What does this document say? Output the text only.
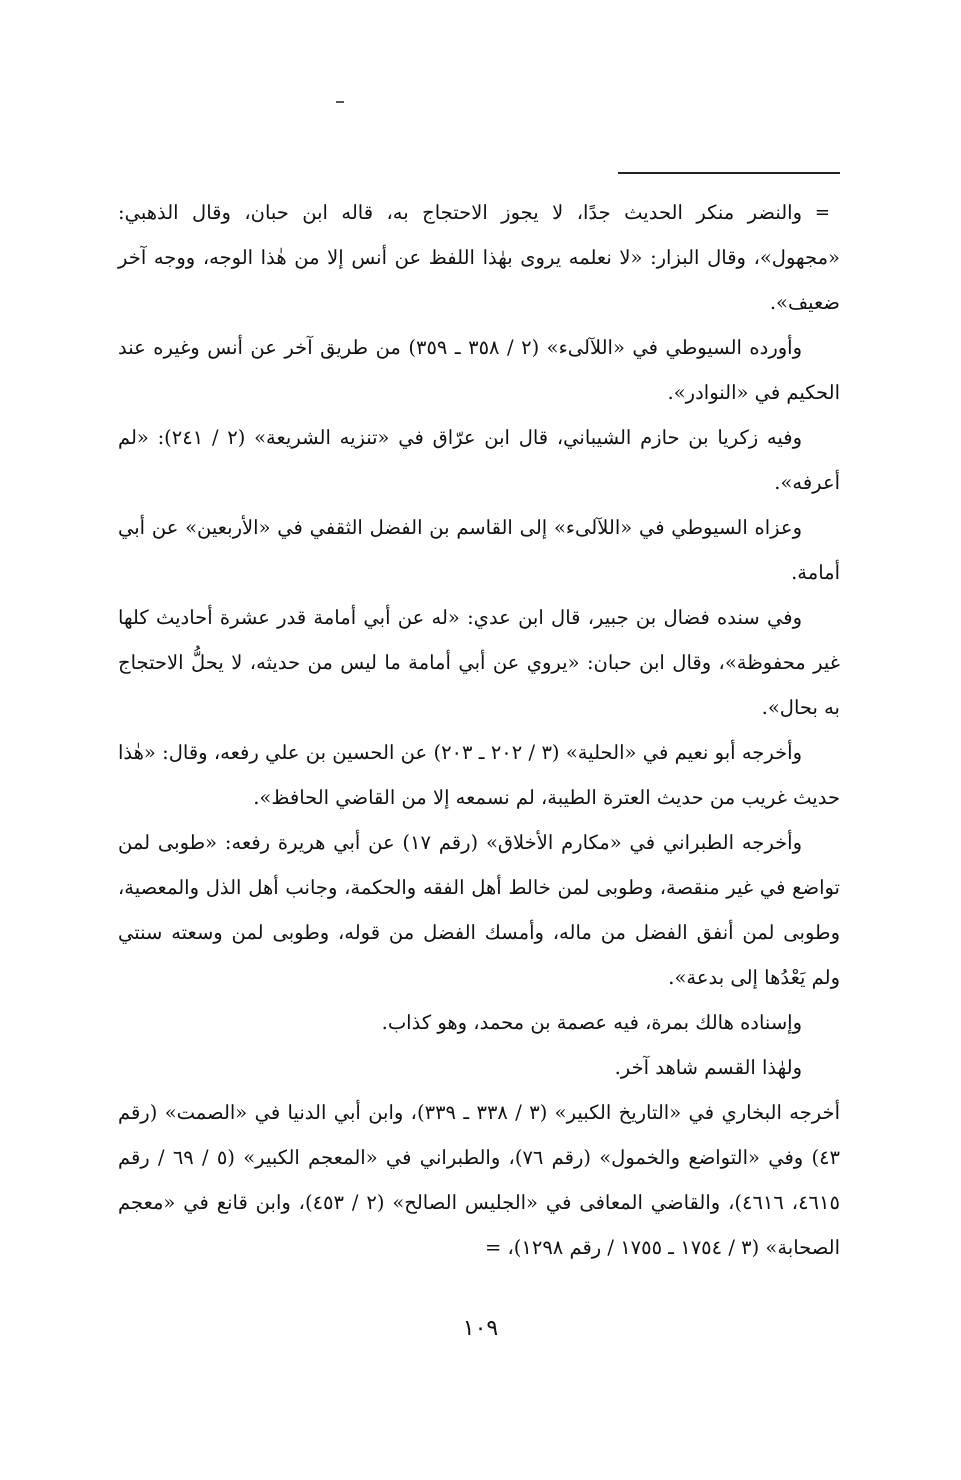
=
والنضر منكر الحديث جدًا، لا يجوز الاحتجاج به، قاله ابن حبان، وقال الذهبي: «مجهول»، وقال البزار: «لا نعلمه يروى بهٰذا اللفظ عن أنس إلا من هٰذا الوجه، ووجه آخر ضعيف».

وأورده السيوطي في «اللآلىء» (٢ / ٣٥٨ ـ ٣٥٩) من طريق آخر عن أنس وغيره عند الحكيم في «النوادر».

وفيه زكريا بن حازم الشيباني، قال ابن عرّاق في «تنزيه الشريعة» (٢ / ٢٤١): «لم أعرفه».

وعزاه السيوطي في «اللآلىء» إلى القاسم بن الفضل الثقفي في «الأربعين» عن أبي أمامة.

وفي سنده فضال بن جبير، قال ابن عدي: «له عن أبي أمامة قدر عشرة أحاديث كلها غير محفوظة»، وقال ابن حبان: «يروي عن أبي أمامة ما ليس من حديثه، لا يحلُّ الاحتجاج به بحال».

وأخرجه أبو نعيم في «الحلية» (٣ / ٢٠٢ ـ ٢٠٣) عن الحسين بن علي رفعه، وقال: «هٰذا حديث غريب من حديث العترة الطيبة، لم نسمعه إلا من القاضي الحافظ».

وأخرجه الطبراني في «مكارم الأخلاق» (رقم ١٧) عن أبي هريرة رفعه: «طوبى لمن تواضع في غير منقصة، وطوبى لمن خالط أهل الفقه والحكمة، وجانب أهل الذل والمعصية، وطوبى لمن أنفق الفضل من ماله، وأمسك الفضل من قوله، وطوبى لمن وسعته سنتي ولم يَعْدُها إلى بدعة».

وإسناده هالك بمرة، فيه عصمة بن محمد، وهو كذاب.

ولهٰذا القسم شاهد آخر.

أخرجه البخاري في «التاريخ الكبير» (٣ / ٣٣٨ ـ ٣٣٩)، وابن أبي الدنيا في «الصمت» (رقم ٤٣) وفي «التواضع والخمول» (رقم ٧٦)، والطبراني في «المعجم الكبير» (٥ / ٦٩ / رقم ٤٦١٥، ٤٦١٦)، والقاضي المعافى في «الجليس الصالح» (٢ / ٤٥٣)، وابن قانع في «معجم الصحابة» (٣ / ١٧٥٤ ـ ١٧٥٥ / رقم ١٢٩٨)، =

١٠٩
